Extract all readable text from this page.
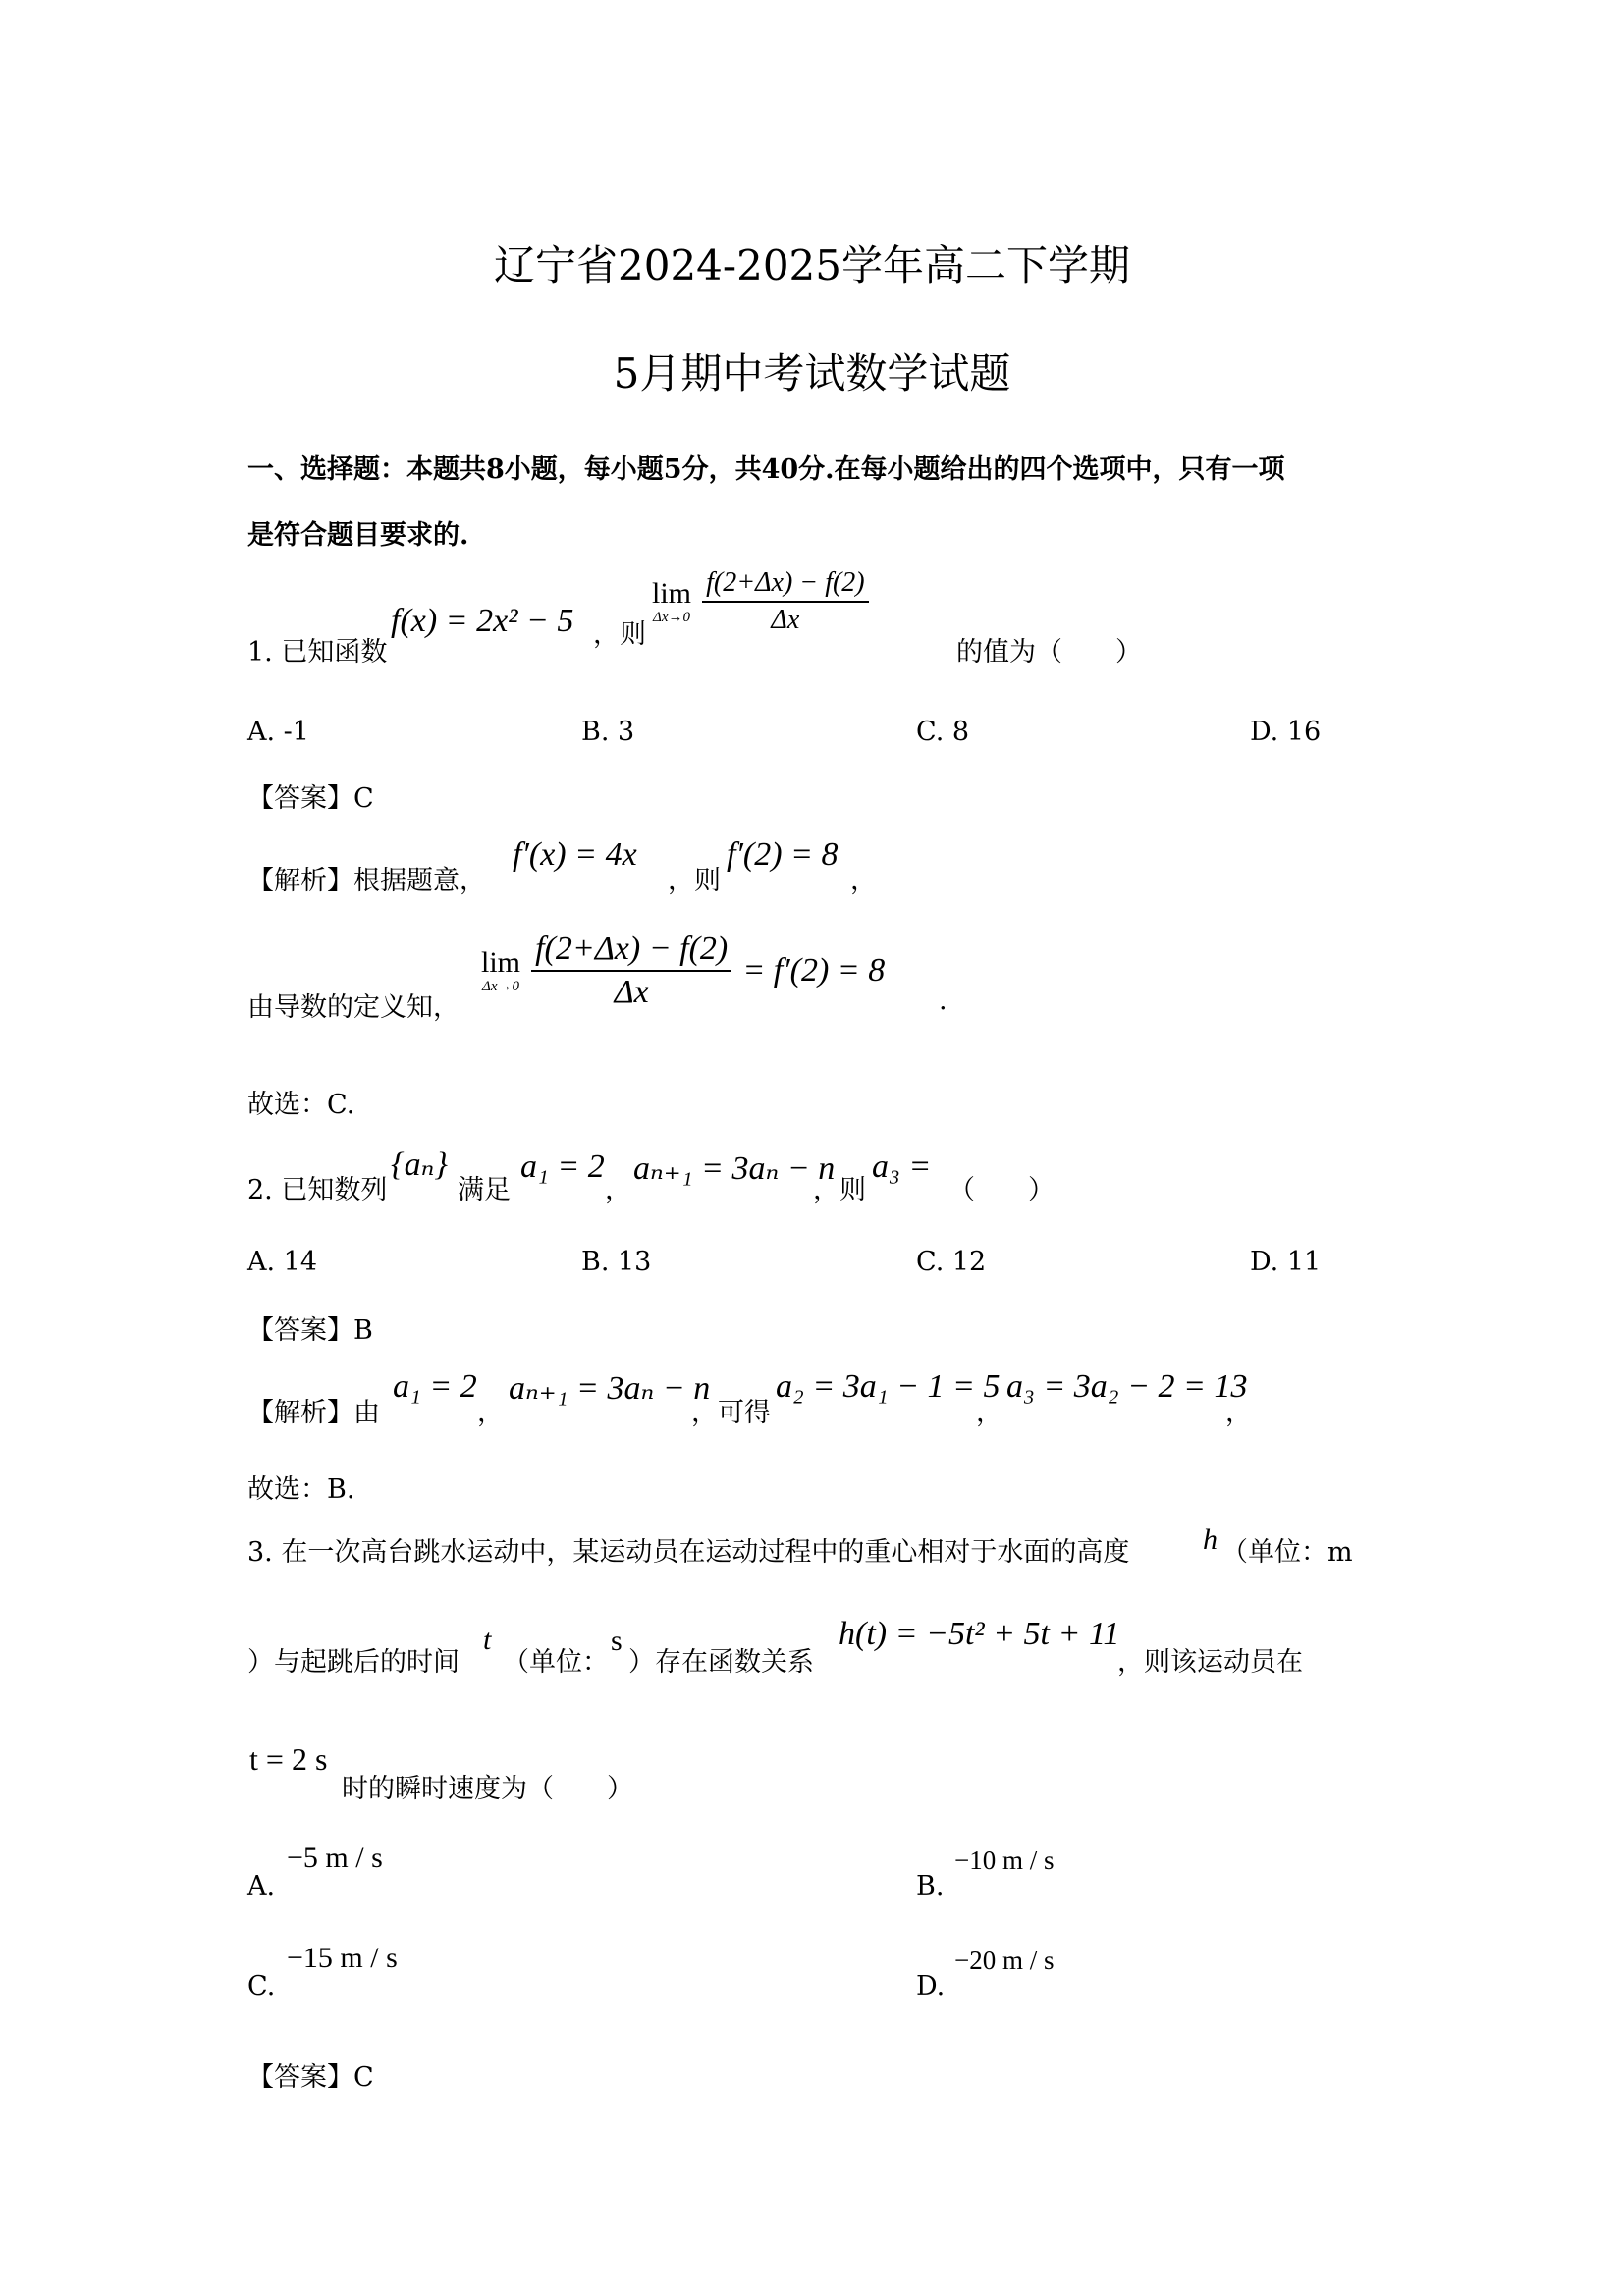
辽宁省2024-2025学年高二下学期
5月期中考试数学试题
一、选择题：本题共8小题，每小题5分，共40分.在每小题给出的四个选项中，只有一项
是符合题目要求的.
1. 已知函数
f(x) = 2x² − 5 ，则
lim
Δx→0
$\frac{f(2+\Delta x) - f(2)}{\Delta x}$
的值为（　　）
A. -1	B. 3	C. 8	D. 16
【答案】C
【解析】根据题意，
f′(x) = 4x
，则
f′(2) = 8
，
由导数的定义知，
lim
Δx→0
$\frac{f(2+\Delta x) - f(2)}{\Delta x} = f'(2) = 8$
.
故选：C.
2. 已知数列
{aₙ}
满足
a₁ = 2
，
aₙ₊₁ = 3aₙ − n
，则
a₃ =
（　　）
A. 14	B. 13	C. 12	D. 11
【答案】B
【解析】由
a₁ = 2
，
aₙ₊₁ = 3aₙ − n
，可得
a₂ = 3a₁ − 1 = 5
，
a₃ = 3a₂ − 2 = 13
，
故选：B.
3. 在一次高台跳水运动中，某运动员在运动过程中的重心相对于水面的高度 h （单位：m
）与起跳后的时间
t
（单位：
s
）存在函数关系
h(t) = −5t² + 5t + 11
，则该运动员在
t = 2 s
时的瞬时速度为（　　）
A.
−5 m / s
B.
−10 m / s
C.
−15 m / s
D.
−20 m / s
【答案】C
